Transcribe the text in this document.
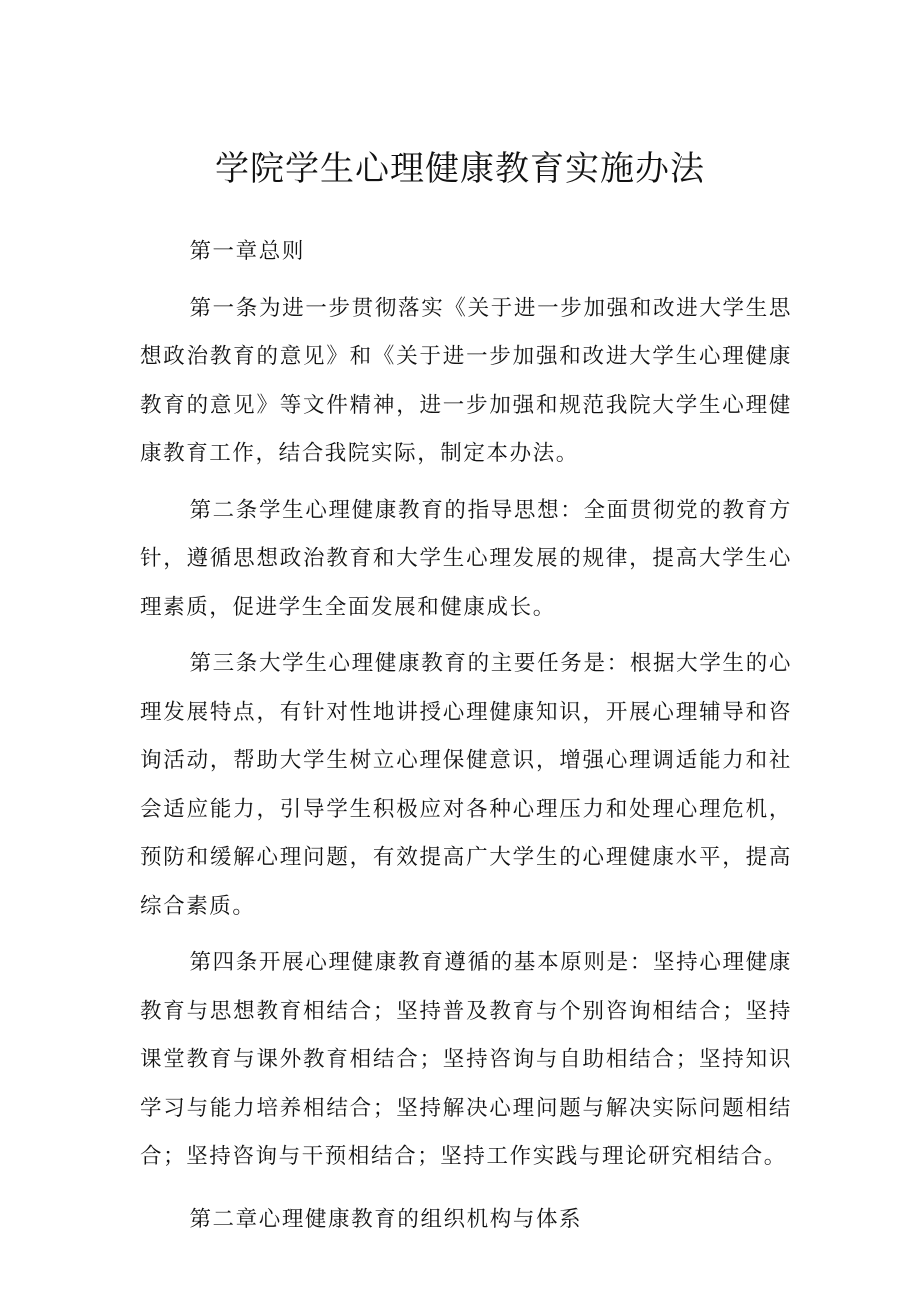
学院学生心理健康教育实施办法

第一章总则

第一条为进一步贯彻落实《关于进一步加强和改进大学生思想政治教育的意见》和《关于进一步加强和改进大学生心理健康教育的意见》等文件精神，进一步加强和规范我院大学生心理健康教育工作，结合我院实际，制定本办法。

第二条学生心理健康教育的指导思想：全面贯彻党的教育方针，遵循思想政治教育和大学生心理发展的规律，提高大学生心理素质，促进学生全面发展和健康成长。

第三条大学生心理健康教育的主要任务是：根据大学生的心理发展特点，有针对性地讲授心理健康知识，开展心理辅导和咨询活动，帮助大学生树立心理保健意识，增强心理调适能力和社会适应能力，引导学生积极应对各种心理压力和处理心理危机，预防和缓解心理问题，有效提高广大学生的心理健康水平，提高综合素质。

第四条开展心理健康教育遵循的基本原则是：坚持心理健康教育与思想教育相结合；坚持普及教育与个别咨询相结合；坚持课堂教育与课外教育相结合；坚持咨询与自助相结合；坚持知识学习与能力培养相结合；坚持解决心理问题与解决实际问题相结合；坚持咨询与干预相结合；坚持工作实践与理论研究相结合。

第二章心理健康教育的组织机构与体系
